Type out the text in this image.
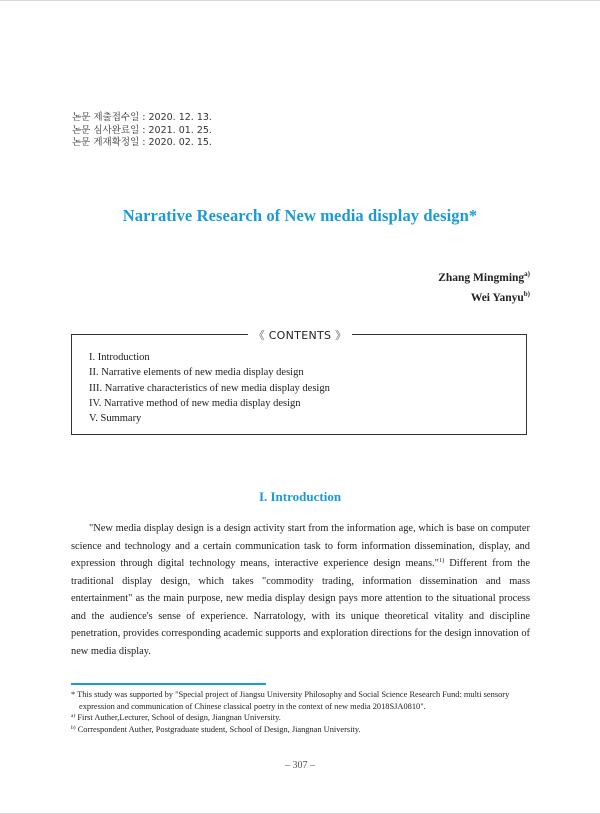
논문 제출접수일 : 2020. 12. 13.
논문 심사완료일 : 2021. 01. 25.
논문 게재확정일 : 2020. 02. 15.
Narrative Research of New media display design*
Zhang Mingming$^{a)}$
Wei Yanyu$^{b)}$
《 CONTENTS 》
I. Introduction
II. Narrative elements of new media display design
III. Narrative characteristics of new media display design
IV. Narrative method of new media display design
V. Summary
I. Introduction

"New media display design is a design activity start from the information age, which is base on computer science and technology and a certain communication task to form information dissemination, display, and expression through digital technology means, interactive experience design means."$^{1)}$ Different from the traditional display design, which takes "commodity trading, information dissemination and mass entertainment" as the main purpose, new media display design pays more attention to the situational process and the audience's sense of experience. Narratology, with its unique theoretical vitality and discipline penetration, provides corresponding academic supports and exploration directions for the design innovation of new media display.

* This study was supported by "Special project of Jiangsu University Philosophy and Social Science Research Fund: multi sensory expression and communication of Chinese classical poetry in the context of new media 2018SJA0810".
$^{a)}$ First Auther,Lecturer, School of design, Jiangnan University.
$^{b)}$ Correspondent Auther, Postgraduate student, School of Design, Jiangnan University.
– 307 –
